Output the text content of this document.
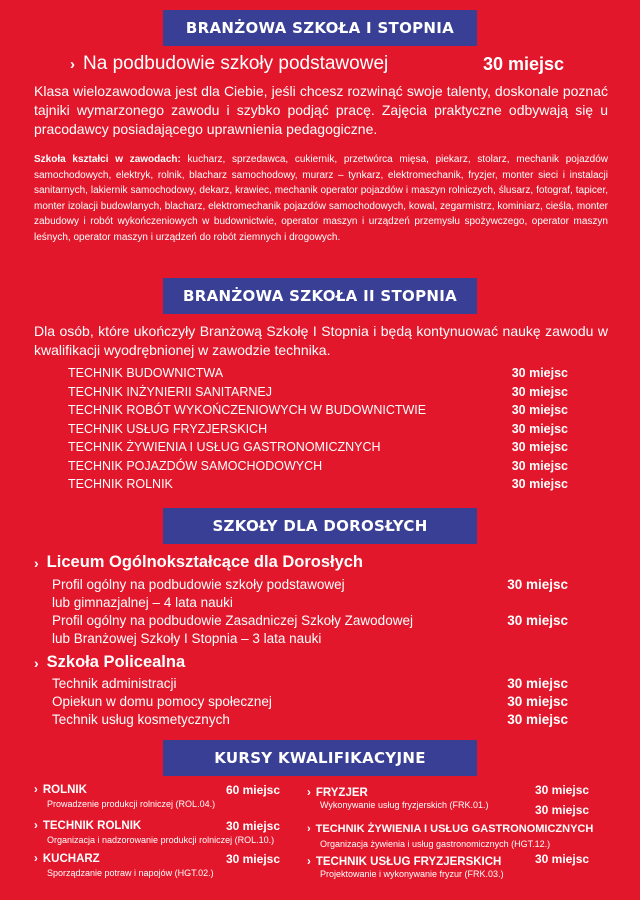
BRANŻOWA SZKOŁA I STOPNIA
› Na podbudowie szkoły podstawowej	30 miejsc
Klasa wielozawodowa jest dla Ciebie, jeśli chcesz rozwinąć swoje talenty, doskonale poznać tajniki wymarzonego zawodu i szybko podjąć pracę. Zajęcia praktyczne odbywają się u pracodawcy posiadającego uprawnienia pedagogiczne.
Szkoła kształci w zawodach: kucharz, sprzedawca, cukiernik, przetwórca mięsa, piekarz, stolarz, mechanik pojazdów samochodowych, elektryk, rolnik, blacharz samochodowy, murarz – tynkarz, elektromechanik, fryzjer, monter sieci i instalacji sanitarnych, lakiernik samochodowy, dekarz, krawiec, mechanik operator pojazdów i maszyn rolniczych, ślusarz, fotograf, tapicer, monter izolacji budowlanych, blacharz, elektromechanik pojazdów samochodowych, kowal, zegarmistrz, kominiarz, cieśla, monter zabudowy i robót wykończeniowych w budownictwie, operator maszyn i urządzeń przemysłu spożywczego, operator maszyn leśnych, operator maszyn i urządzeń do robót ziemnych i drogowych.
BRANŻOWA SZKOŁA II STOPNIA
Dla osób, które ukończyły Branżową Szkołę I Stopnia i będą kontynuować naukę zawodu w kwalifikacji wyodrębnionej w zawodzie technika.
TECHNIK BUDOWNICTWA	30 miejsc
TECHNIK INŻYNIERII SANITARNEJ	30 miejsc
TECHNIK ROBÓT WYKOŃCZENIOWYCH W BUDOWNICTWIE	30 miejsc
TECHNIK USŁUG FRYZJERSKICH	30 miejsc
TECHNIK ŻYWIENIA I USŁUG GASTRONOMICZNYCH	30 miejsc
TECHNIK POJAZDÓW SAMOCHODOWYCH	30 miejsc
TECHNIK ROLNIK	30 miejsc
SZKOŁY DLA DOROSŁYCH
› Liceum Ogólnokształcące dla Dorosłych
Profil ogólny na podbudowie szkoły podstawowej
lub gimnazjalnej – 4 lata nauki
30 miejsc
Profil ogólny na podbudowie Zasadniczej Szkoły Zawodowej
lub Branżowej Szkoły I Stopnia – 3 lata nauki
30 miejsc
› Szkoła Policealna
Technik administracji	30 miejsc
Opiekun w domu pomocy społecznej	30 miejsc
Technik usług kosmetycznych	30 miejsc
KURSY KWALIFIKACYJNE
› ROLNIK	60 miejsc
Prowadzenie produkcji rolniczej (ROL.04.)
› TECHNIK ROLNIK	30 miejsc
Organizacja i nadzorowanie produkcji rolniczej (ROL.10.)
› KUCHARZ	30 miejsc
Sporządzanie potraw i napojów (HGT.02.)
› FRYZJER	30 miejsc
Wykonywanie usług fryzjerskich (FRK.01.)	30 miejsc
› TECHNIK ŻYWIENIA I USŁUG GASTRONOMICZNYCH
Organizacja żywienia i usług gastronomicznych (HGT.12.)
› TECHNIK USŁUG FRYZJERSKICH	30 miejsc
Projektowanie i wykonywanie fryzur (FRK.03.)
